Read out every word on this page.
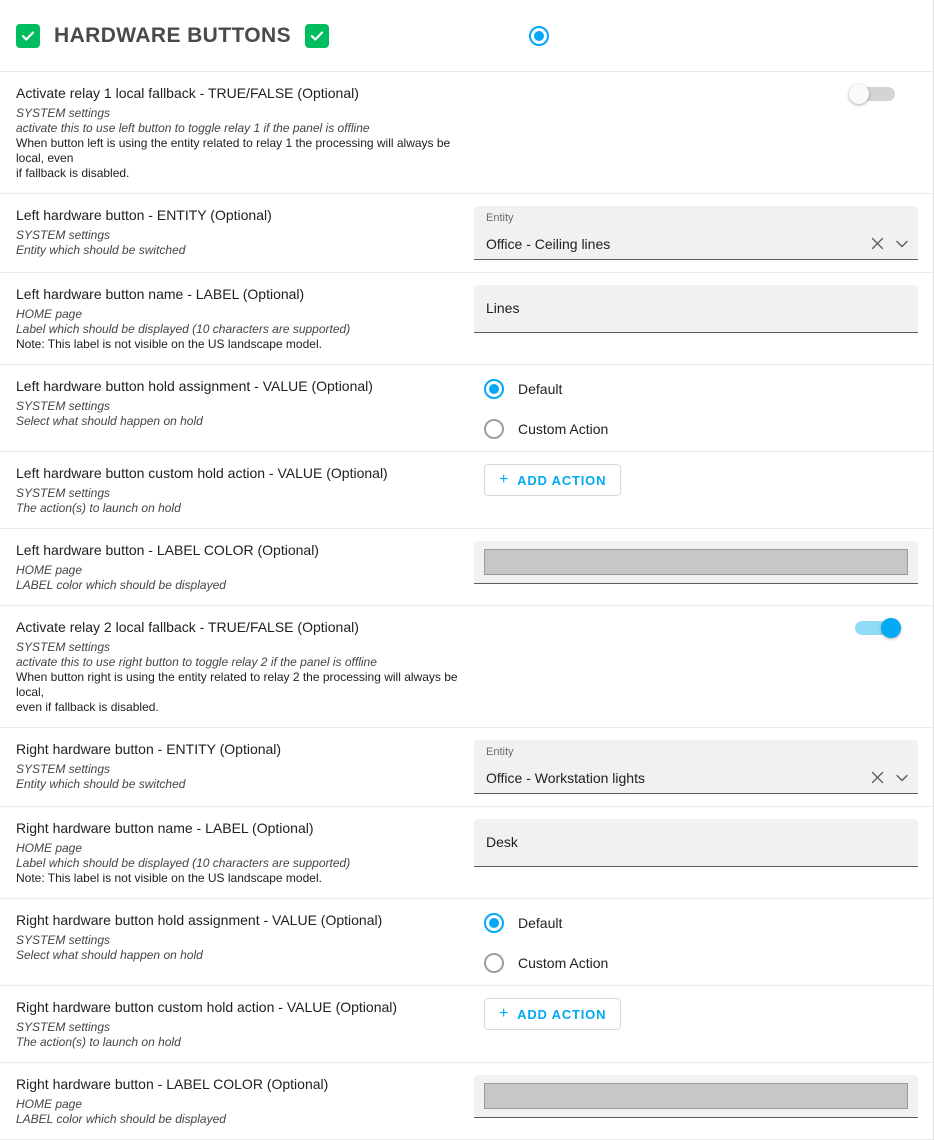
HARDWARE BUTTONS
Activate relay 1 local fallback - TRUE/FALSE (Optional)
SYSTEM settings
activate this to use left button to toggle relay 1 if the panel is offline
When button left is using the entity related to relay 1 the processing will always be local, even
if fallback is disabled.
Left hardware button - ENTITY (Optional)
SYSTEM settings
Entity which should be switched
Entity
Office - Ceiling lines
Left hardware button name - LABEL (Optional)
HOME page
Label which should be displayed (10 characters are supported)
Note: This label is not visible on the US landscape model.
Lines
Left hardware button hold assignment - VALUE (Optional)
SYSTEM settings
Select what should happen on hold
Default
Custom Action
Left hardware button custom hold action - VALUE (Optional)
SYSTEM settings
The action(s) to launch on hold
+ ADD ACTION
Left hardware button - LABEL COLOR (Optional)
HOME page
LABEL color which should be displayed
Activate relay 2 local fallback - TRUE/FALSE (Optional)
SYSTEM settings
activate this to use right button to toggle relay 2 if the panel is offline
When button right is using the entity related to relay 2 the processing will always be local,
even if fallback is disabled.
Right hardware button - ENTITY (Optional)
SYSTEM settings
Entity which should be switched
Entity
Office - Workstation lights
Right hardware button name - LABEL (Optional)
HOME page
Label which should be displayed (10 characters are supported)
Note: This label is not visible on the US landscape model.
Desk
Right hardware button hold assignment - VALUE (Optional)
SYSTEM settings
Select what should happen on hold
Default
Custom Action
Right hardware button custom hold action - VALUE (Optional)
SYSTEM settings
The action(s) to launch on hold
+ ADD ACTION
Right hardware button - LABEL COLOR (Optional)
HOME page
LABEL color which should be displayed
